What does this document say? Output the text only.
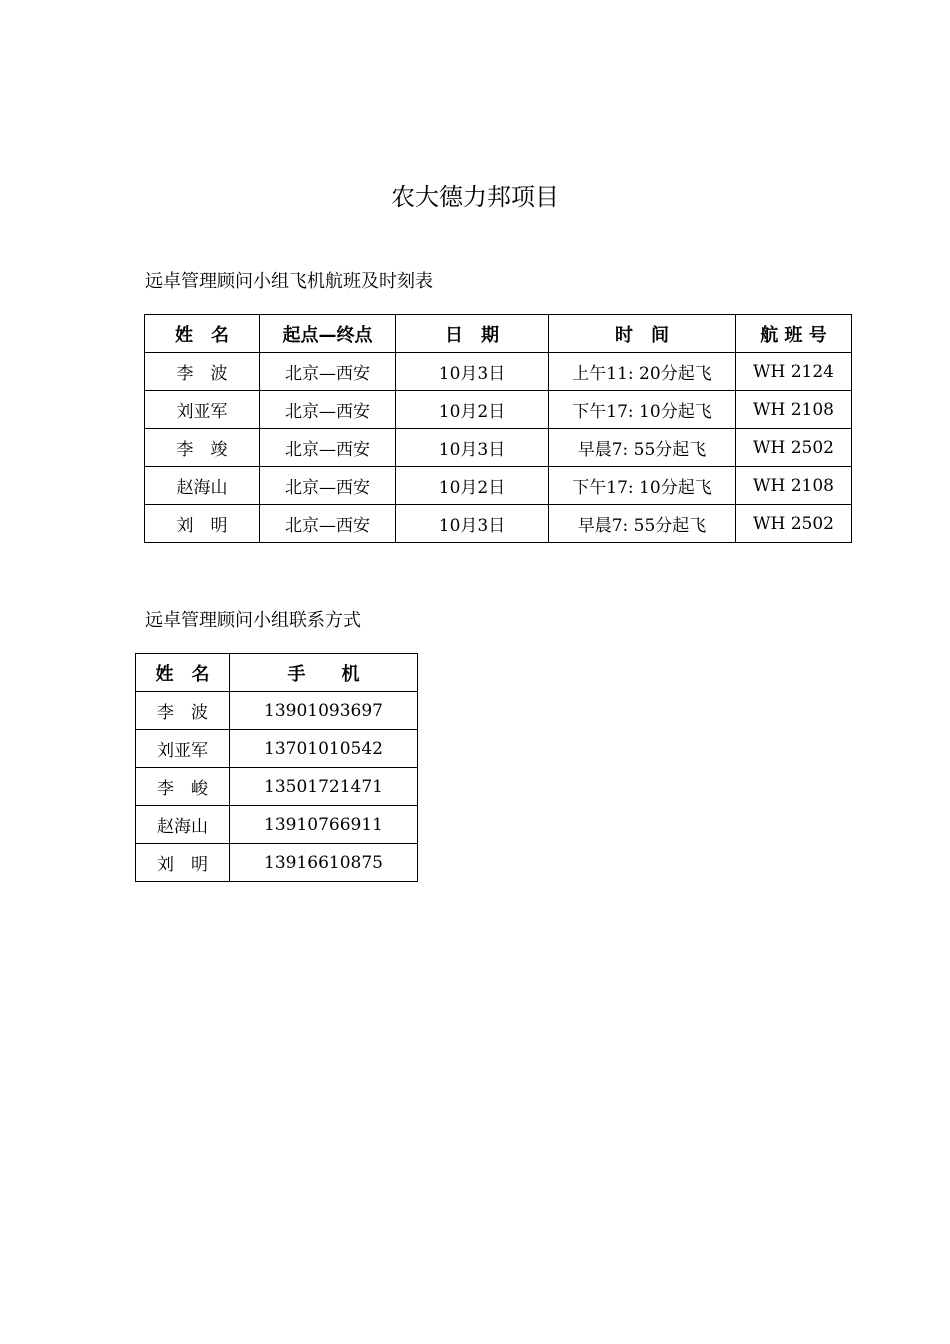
农大德力邦项目
远卓管理顾问小组飞机航班及时刻表
姓　名	起点—终点	日　期	时　间	航 班 号
李　波	北京—西安	10月3日	上午11: 20分起飞	WH 2124
刘亚军	北京—西安	10月2日	下午17: 10分起飞	WH 2108
李　竣	北京—西安	10月3日	早晨7: 55分起飞	WH 2502
赵海山	北京—西安	10月2日	下午17: 10分起飞	WH 2108
刘　明	北京—西安	10月3日	早晨7: 55分起飞	WH 2502
远卓管理顾问小组联系方式
姓　名	手　　机
李　波	13901093697
刘亚军	13701010542
李　峻	13501721471
赵海山	13910766911
刘　明	13916610875
